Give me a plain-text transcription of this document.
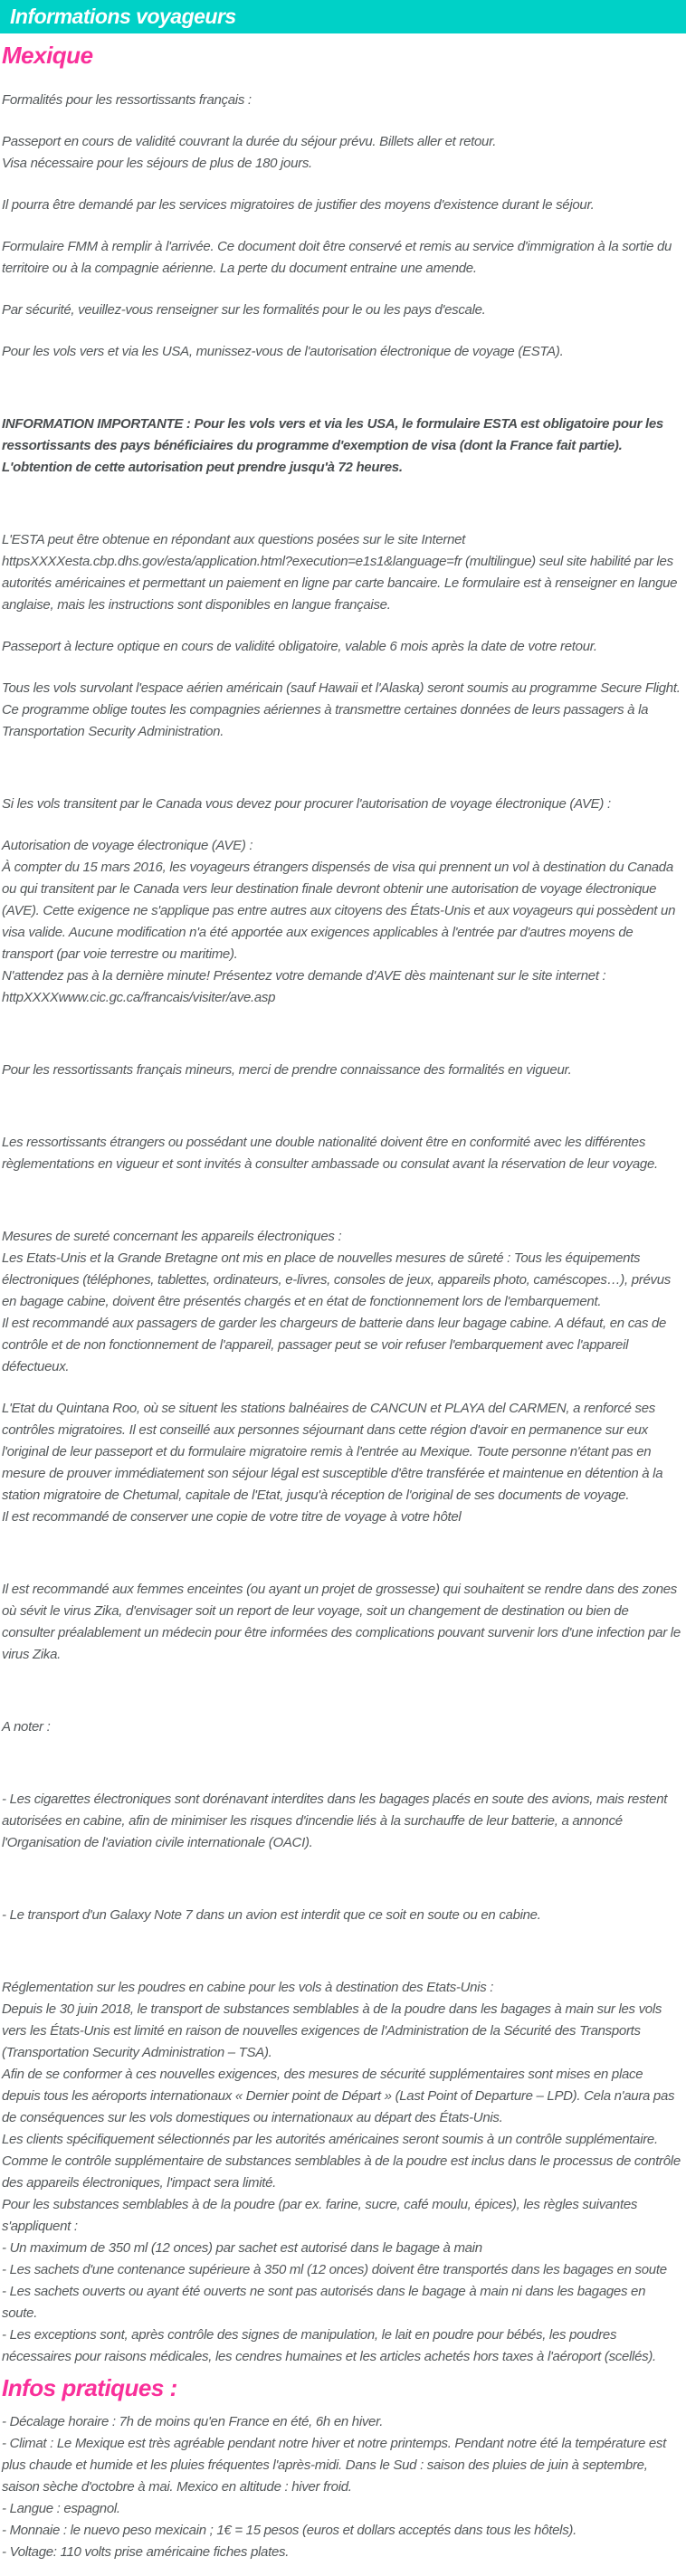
Informations voyageurs
Mexique

Formalités pour les ressortissants français :

Passeport en cours de validité couvrant la durée du séjour prévu. Billets aller et retour.

Visa nécessaire pour les séjours de plus de 180 jours.

Il pourra être demandé par les services migratoires de justifier des moyens d'existence durant le séjour.

Formulaire FMM à remplir à l'arrivée. Ce document doit être conservé et remis au service d'immigration à la sortie du territoire ou à la compagnie aérienne. La perte du document entraine une amende.

Par sécurité, veuillez-vous renseigner sur les formalités pour le ou les pays d'escale.

Pour les vols vers et via les USA, munissez-vous de l'autorisation électronique de voyage (ESTA).

INFORMATION IMPORTANTE : Pour les vols vers et via les USA, le formulaire ESTA est obligatoire pour les ressortissants des pays bénéficiaires du programme d'exemption de visa (dont la France fait partie). L'obtention de cette autorisation peut prendre jusqu'à 72 heures.

L'ESTA peut être obtenue en répondant aux questions posées sur le site Internet httpsXXXXesta.cbp.dhs.gov/esta/application.html?execution=e1s1&language=fr (multilingue) seul site habilité par les autorités américaines et permettant un paiement en ligne par carte bancaire. Le formulaire est à renseigner en langue anglaise, mais les instructions sont disponibles en langue française.

Passeport à lecture optique en cours de validité obligatoire, valable 6 mois après la date de votre retour.

Tous les vols survolant l'espace aérien américain (sauf Hawaii et l'Alaska) seront soumis au programme Secure Flight. Ce programme oblige toutes les compagnies aériennes à transmettre certaines données de leurs passagers à la Transportation Security Administration.

Si les vols transitent par le Canada vous devez pour procurer l'autorisation de voyage électronique (AVE) :

Autorisation de voyage électronique (AVE) :

À compter du 15 mars 2016, les voyageurs étrangers dispensés de visa qui prennent un vol à destination du Canada ou qui transitent par le Canada vers leur destination finale devront obtenir une autorisation de voyage électronique (AVE). Cette exigence ne s'applique pas entre autres aux citoyens des États-Unis et aux voyageurs qui possèdent un visa valide. Aucune modification n'a été apportée aux exigences applicables à l'entrée par d'autres moyens de transport (par voie terrestre ou maritime).

N'attendez pas à la dernière minute! Présentez votre demande d'AVE dès maintenant sur le site internet : httpXXXXwww.cic.gc.ca/francais/visiter/ave.asp

Pour les ressortissants français mineurs, merci de prendre connaissance des formalités en vigueur.

Les ressortissants étrangers ou possédant une double nationalité doivent être en conformité avec les différentes règlementations en vigueur et sont invités à consulter ambassade ou consulat avant la réservation de leur voyage.

Mesures de sureté concernant les appareils électroniques :

Les Etats-Unis et la Grande Bretagne ont mis en place de nouvelles mesures de sûreté : Tous les équipements électroniques (téléphones, tablettes, ordinateurs, e-livres, consoles de jeux, appareils photo, caméscopes…), prévus en bagage cabine, doivent être présentés chargés et en état de fonctionnement lors de l'embarquement.

Il est recommandé aux passagers de garder les chargeurs de batterie dans leur bagage cabine. A défaut, en cas de contrôle et de non fonctionnement de l'appareil, passager peut se voir refuser l'embarquement avec l'appareil défectueux.

L'Etat du Quintana Roo, où se situent les stations balnéaires de CANCUN et PLAYA del CARMEN, a renforcé ses contrôles migratoires. Il est conseillé aux personnes séjournant dans cette région d'avoir en permanence sur eux l'original de leur passeport et du formulaire migratoire remis à l'entrée au Mexique. Toute personne n'étant pas en mesure de prouver immédiatement son séjour légal est susceptible d'être transférée et maintenue en détention à la station migratoire de Chetumal, capitale de l'Etat, jusqu'à réception de l'original de ses documents de voyage.

Il est recommandé de conserver une copie de votre titre de voyage à votre hôtel

Il est recommandé aux femmes enceintes (ou ayant un projet de grossesse) qui souhaitent se rendre dans des zones où sévit le virus Zika, d'envisager soit un report de leur voyage, soit un changement de destination ou bien de consulter préalablement un médecin pour être informées des complications pouvant survenir lors d'une infection par le virus Zika.

A noter :

- Les cigarettes électroniques sont dorénavant interdites dans les bagages placés en soute des avions, mais restent autorisées en cabine, afin de minimiser les risques d'incendie liés à la surchauffe de leur batterie, a annoncé l'Organisation de l'aviation civile internationale (OACI).

- Le transport d'un Galaxy Note 7 dans un avion est interdit que ce soit en soute ou en cabine.

Réglementation sur les poudres en cabine pour les vols à destination des Etats-Unis :

Depuis le 30 juin 2018, le transport de substances semblables à de la poudre dans les bagages à main sur les vols vers les États-Unis est limité en raison de nouvelles exigences de l'Administration de la Sécurité des Transports (Transportation Security Administration – TSA).

Afin de se conformer à ces nouvelles exigences, des mesures de sécurité supplémentaires sont mises en place depuis tous les aéroports internationaux « Dernier point de Départ » (Last Point of Departure – LPD). Cela n'aura pas de conséquences sur les vols domestiques ou internationaux au départ des États-Unis.

Les clients spécifiquement sélectionnés par les autorités américaines seront soumis à un contrôle supplémentaire. Comme le contrôle supplémentaire de substances semblables à de la poudre est inclus dans le processus de contrôle des appareils électroniques, l'impact sera limité.

Pour les substances semblables à de la poudre (par ex. farine, sucre, café moulu, épices), les règles suivantes s'appliquent :

- Un maximum de 350 ml (12 onces) par sachet est autorisé dans le bagage à main

- Les sachets d'une contenance supérieure à 350 ml (12 onces) doivent être transportés dans les bagages en soute

- Les sachets ouverts ou ayant été ouverts ne sont pas autorisés dans le bagage à main ni dans les bagages en soute.

- Les exceptions sont, après contrôle des signes de manipulation, le lait en poudre pour bébés, les poudres nécessaires pour raisons médicales, les cendres humaines et les articles achetés hors taxes à l'aéroport (scellés).

Infos pratiques :

- Décalage horaire : 7h de moins qu'en France en été, 6h en hiver.

- Climat : Le Mexique est très agréable pendant notre hiver et notre printemps. Pendant notre été la température est plus chaude et humide et les pluies fréquentes l'après-midi. Dans le Sud : saison des pluies de juin à septembre, saison sèche d'octobre à mai. Mexico en altitude : hiver froid.

- Langue : espagnol.

- Monnaie : le nuevo peso mexicain ; 1€ = 15 pesos (euros et dollars acceptés dans tous les hôtels).

- Voltage: 110 volts prise américaine fiches plates.
